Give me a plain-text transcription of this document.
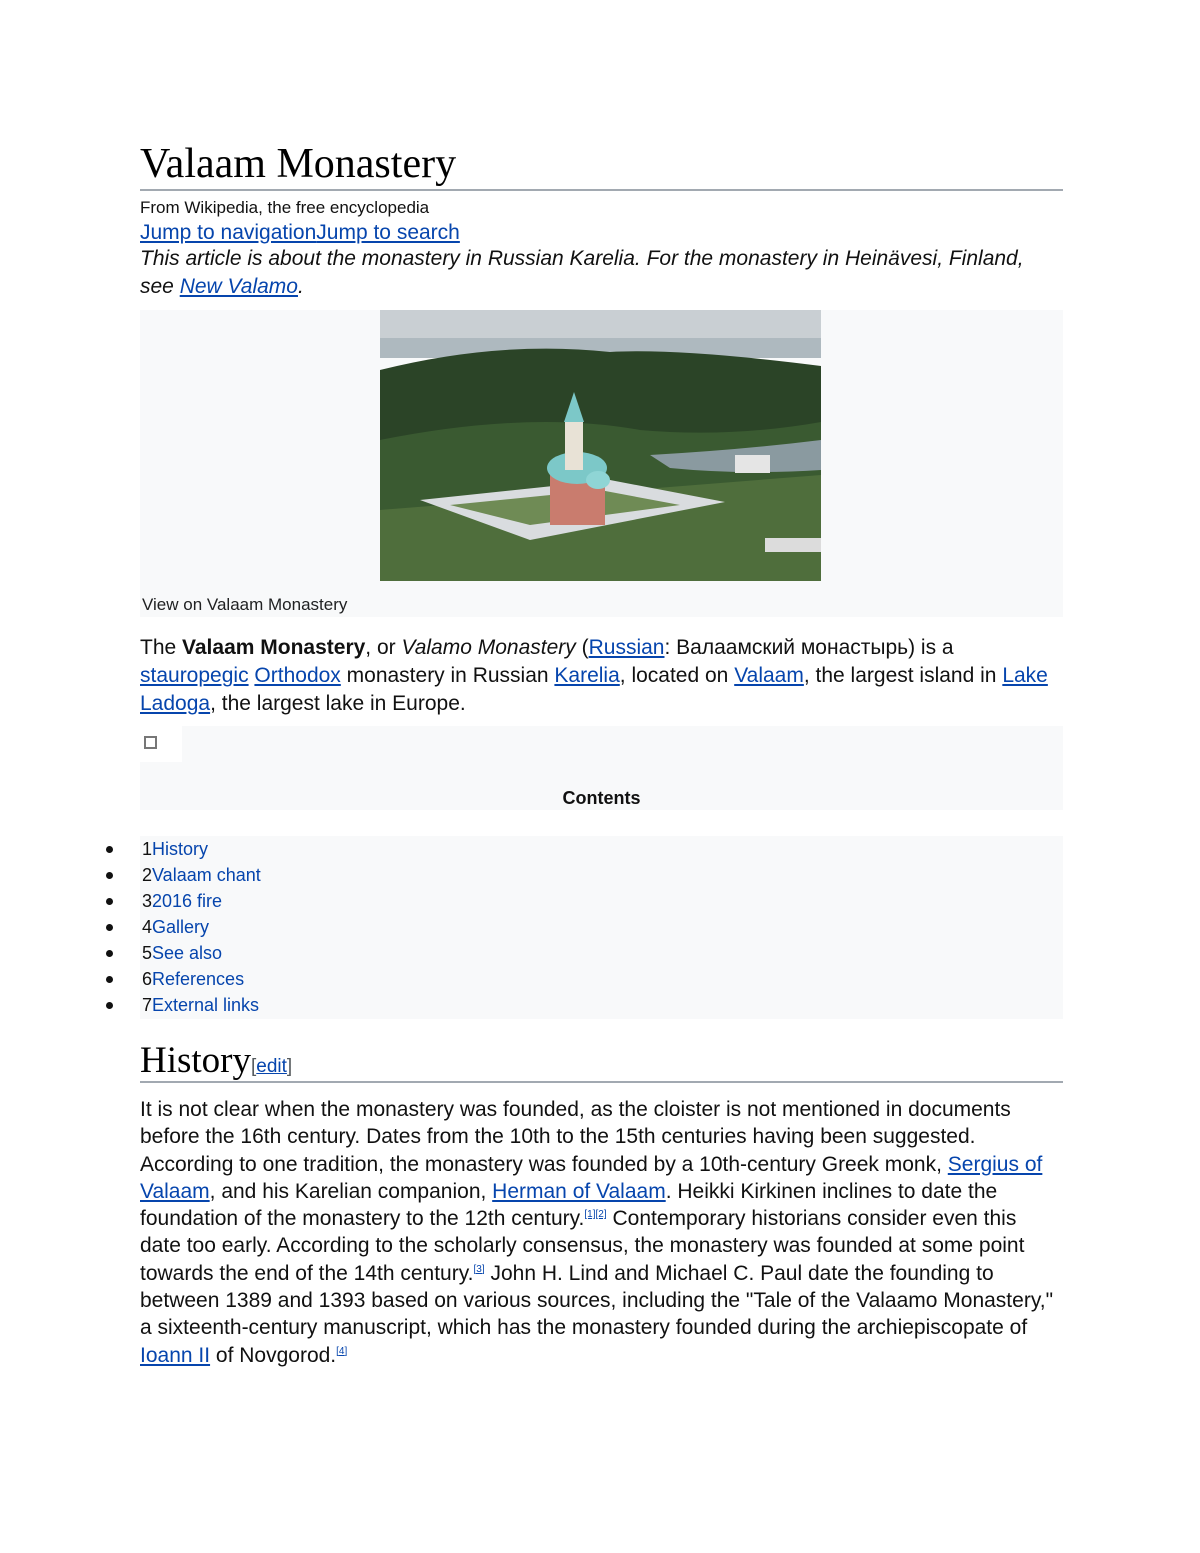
Valaam Monastery
From Wikipedia, the free encyclopedia
Jump to navigationJump to search
This article is about the monastery in Russian Karelia. For the monastery in Heinävesi, Finland, see New Valamo.
View on Valaam Monastery
The Valaam Monastery, or Valamo Monastery (Russian: Валаамский монастырь) is a stauropegic Orthodox monastery in Russian Karelia, located on Valaam, the largest island in Lake Ladoga, the largest lake in Europe.
Contents
1History
2Valaam chant
32016 fire
4Gallery
5See also
6References
7External links
History[edit]
It is not clear when the monastery was founded, as the cloister is not mentioned in documents before the 16th century. Dates from the 10th to the 15th centuries having been suggested. According to one tradition, the monastery was founded by a 10th-century Greek monk, Sergius of Valaam, and his Karelian companion, Herman of Valaam. Heikki Kirkinen inclines to date the foundation of the monastery to the 12th century.[1][2] Contemporary historians consider even this date too early. According to the scholarly consensus, the monastery was founded at some point towards the end of the 14th century.[3] John H. Lind and Michael C. Paul date the founding to between 1389 and 1393 based on various sources, including the "Tale of the Valaamo Monastery," a sixteenth-century manuscript, which has the monastery founded during the archiepiscopate of Ioann II of Novgorod.[4]
